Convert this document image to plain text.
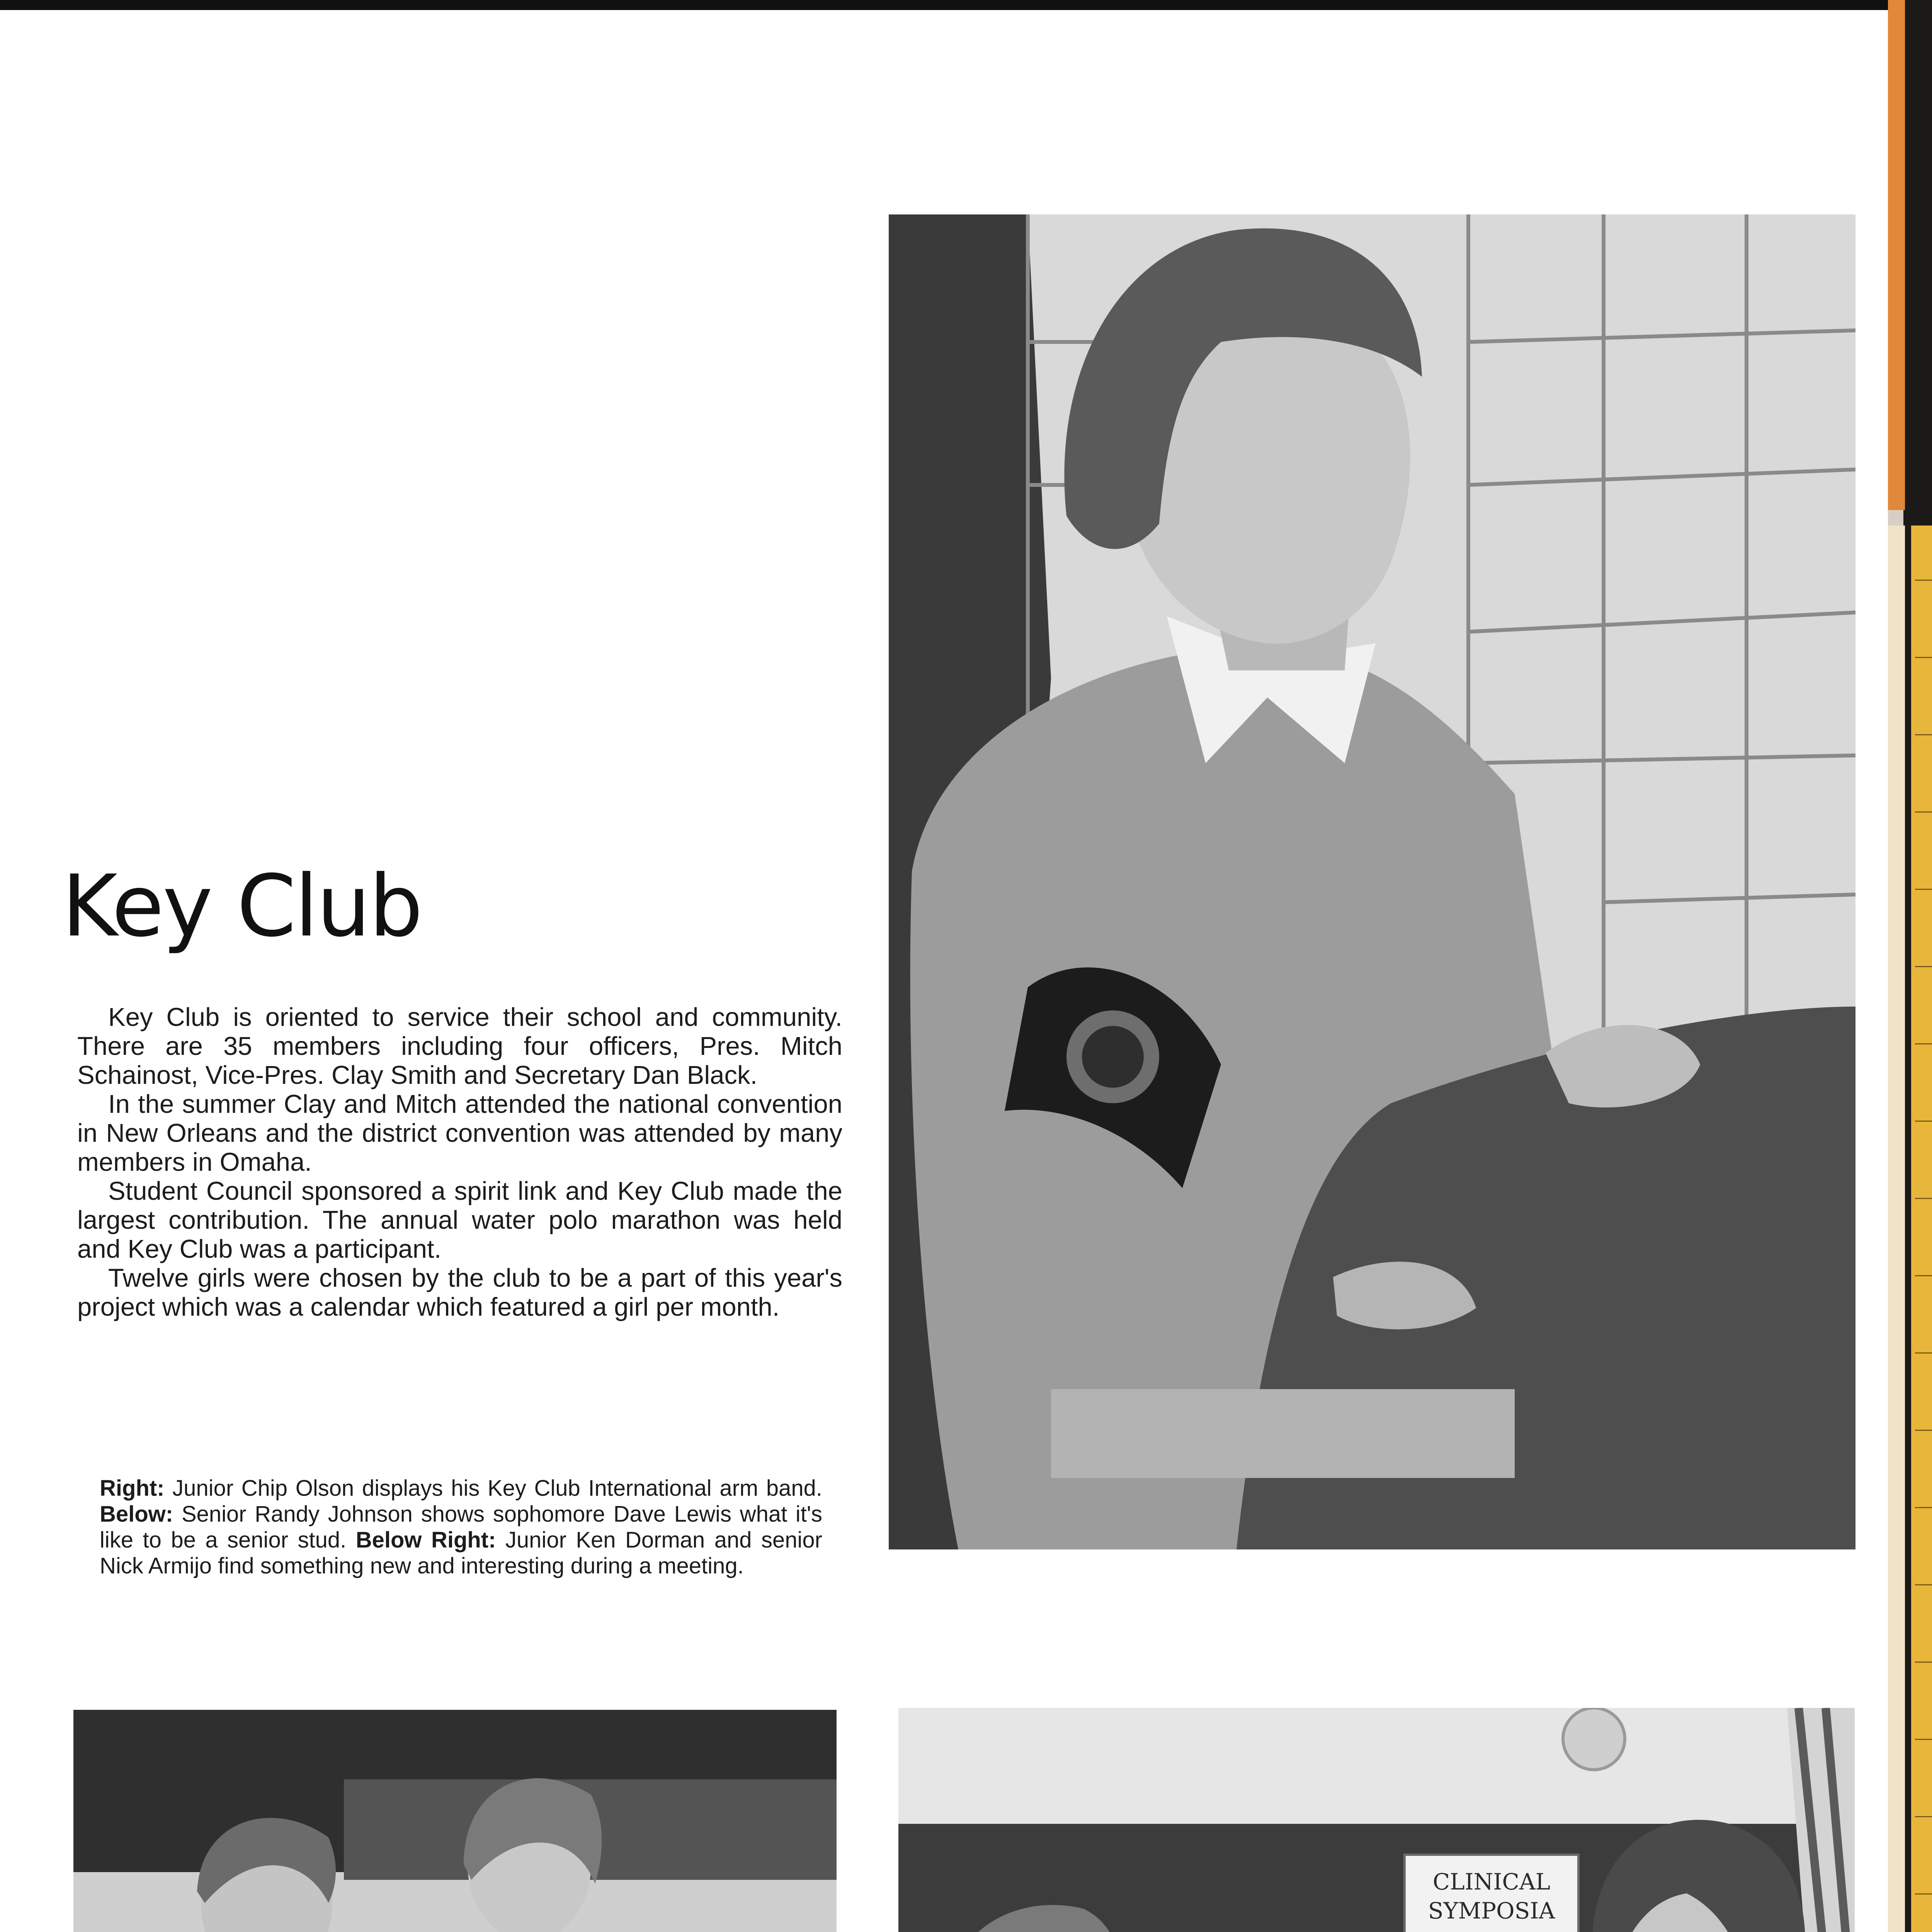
Key Club

Key Club is oriented to service their school and community. There are 35 members including four officers, Pres. Mitch Schainost, Vice-Pres. Clay Smith and Secretary Dan Black.

In the summer Clay and Mitch attended the national convention in New Orleans and the district convention was attended by many members in Omaha.

Student Council sponsored a spirit link and Key Club made the largest contribution. The annual water polo marathon was held and Key Club was a participant.

Twelve girls were chosen by the club to be a part of this year's project which was a calendar which featured a girl per month.

Right: Junior Chip Olson displays his Key Club International arm band. Below: Senior Randy Johnson shows sophomore Dave Lewis what it's like to be a senior stud. Below Right: Junior Ken Dorman and senior Nick Armijo find something new and interesting during a meeting.
CLINICAL
SYMPOSIA
